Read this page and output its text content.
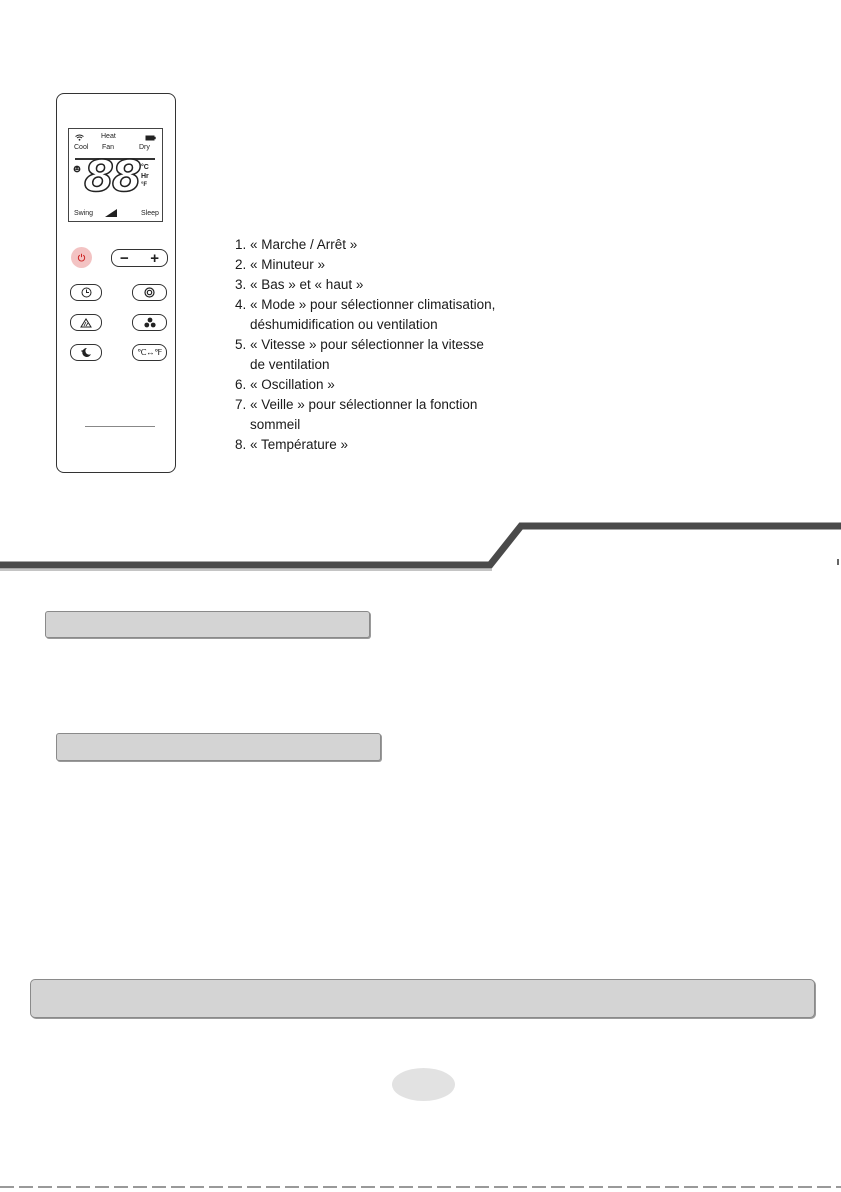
Heat
Cool Fan	Dry
88 °C
Hr
°F
Swing	Sleep
− +
℃↔℉
1. « Marche / Arrêt »
2. « Minuteur »
3. « Bas » et « haut »
4. « Mode » pour sélectionner climatisation,
déshumidification ou ventilation
5. « Vitesse » pour sélectionner la vitesse
de ventilation
6. « Oscillation »
7. « Veille » pour sélectionner la fonction
sommeil
8. « Température »
